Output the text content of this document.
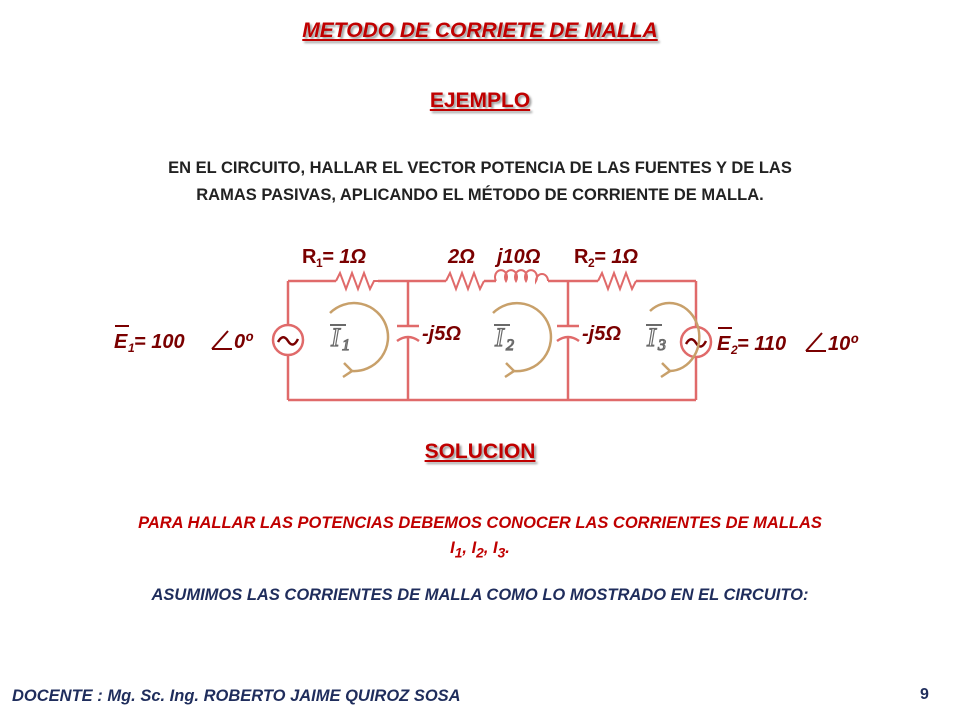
METODO DE CORRIETE DE MALLA
EJEMPLO
EN EL CIRCUITO, HALLAR EL VECTOR POTENCIA DE LAS FUENTES Y DE LAS
RAMAS PASIVAS, APLICANDO EL MÉTODO DE CORRIENTE DE MALLA.
I 1	I 2	I 3
R 1 = 1Ω	2Ω j10Ω R 2 = 1Ω
-j5Ω	-j5Ω
E 1 = 100 0º	E 2 = 110 10º
SOLUCION
PARA HALLAR LAS POTENCIAS DEBEMOS CONOCER LAS CORRIENTES DE MALLAS
$I_1$, $I_2$, $I_3$.
ASUMIMOS LAS CORRIENTES DE MALLA COMO LO MOSTRADO EN EL CIRCUITO:
DOCENTE : Mg. Sc. Ing. ROBERTO JAIME QUIROZ SOSA	9
